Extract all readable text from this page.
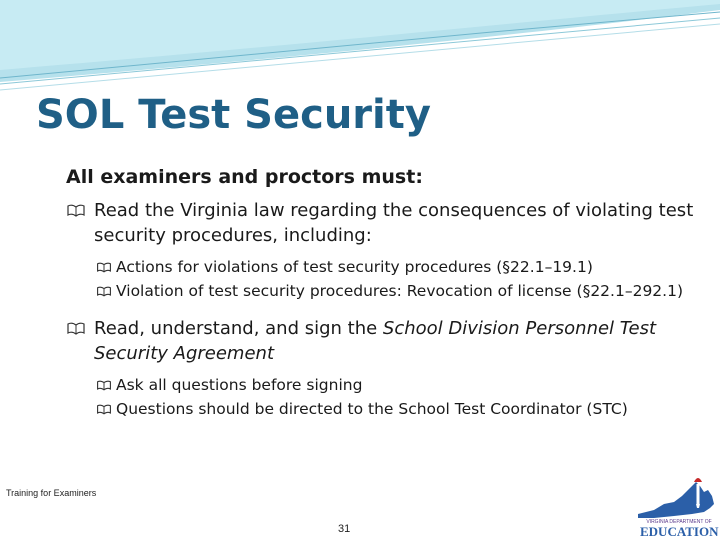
SOL Test Security
All examiners and proctors must:
Read the Virginia law regarding the consequences of violating test security procedures, including:
Actions for violations of test security procedures (§22.1–19.1)
Violation of test security procedures: Revocation of license (§22.1–292.1)
Read, understand, and sign the School Division Personnel Test Security Agreement
Ask all questions before signing
Questions should be directed to the School Test Coordinator (STC)
Training for Examiners
31
VIRGINIA DEPARTMENT OF
EDUCATION
